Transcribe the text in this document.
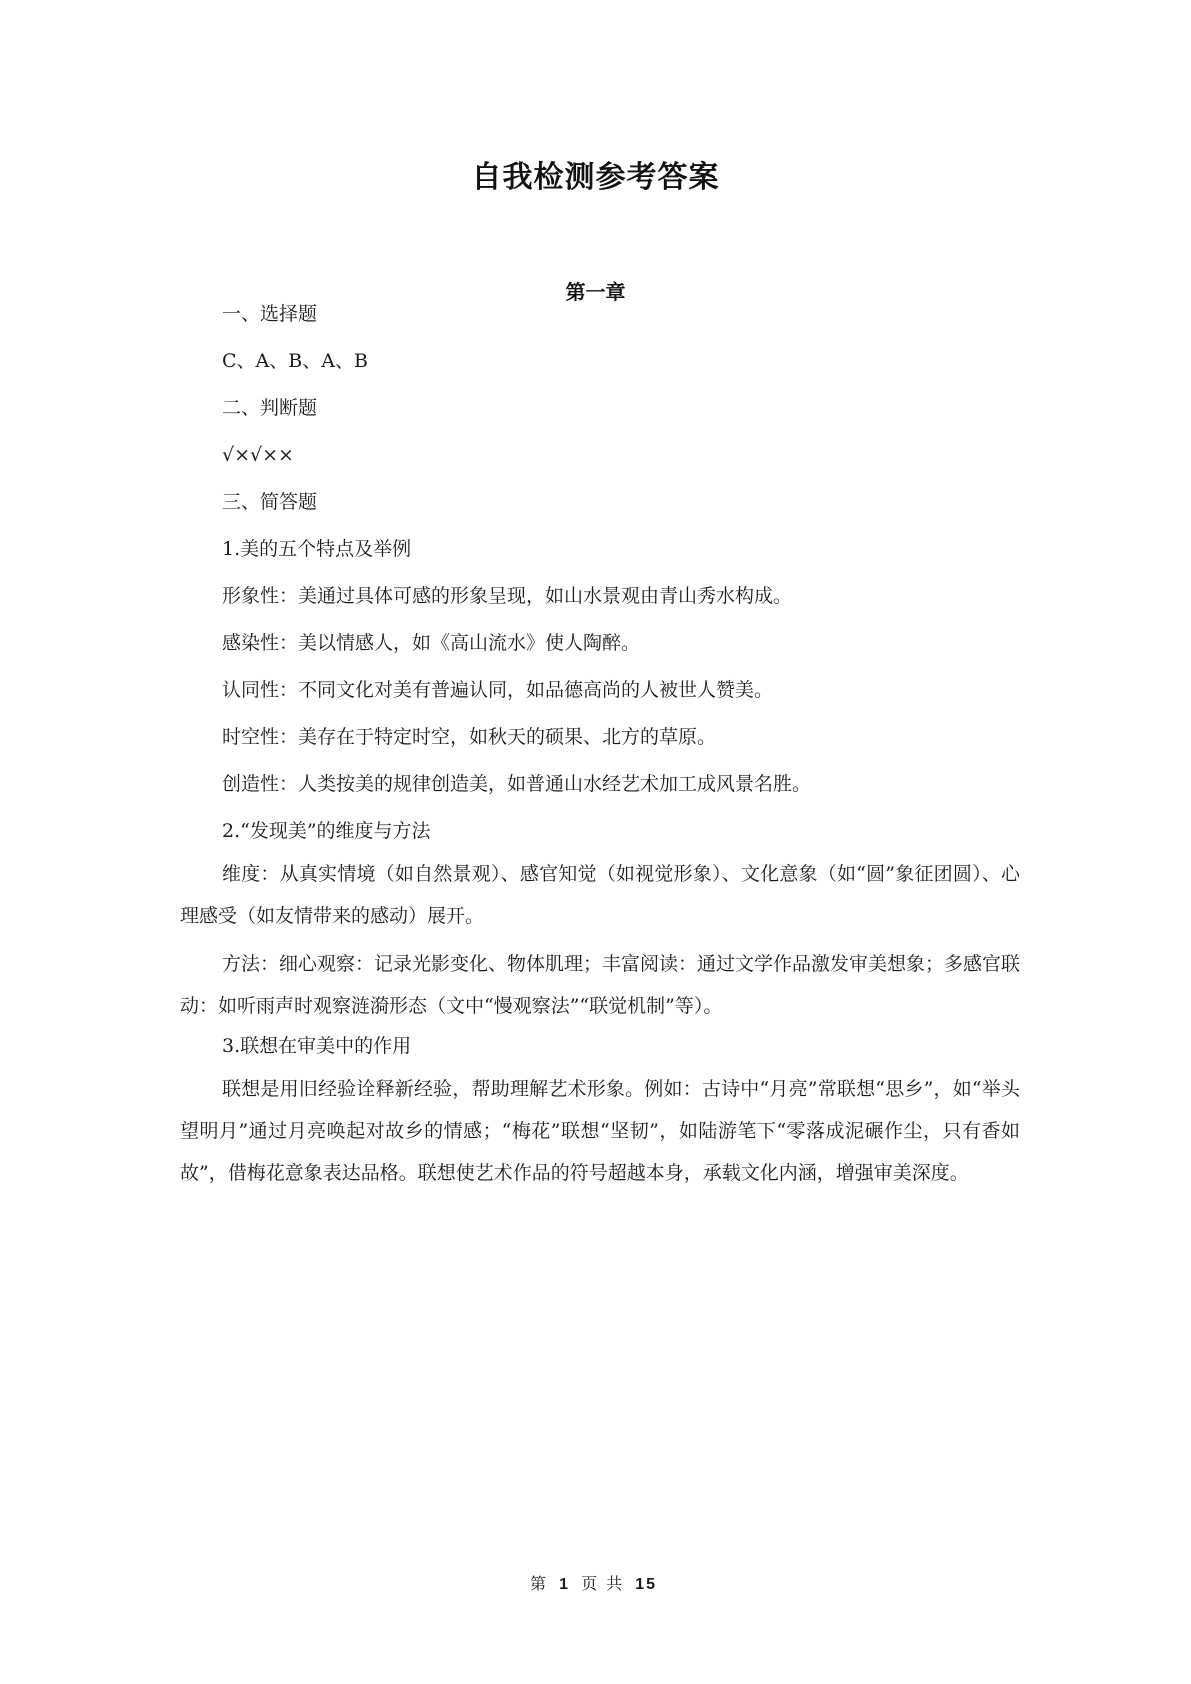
自我检测参考答案
第一章
一、选择题
C、A、B、A、B
二、判断题
√×√××
三、简答题
1.美的五个特点及举例
形象性：美通过具体可感的形象呈现，如山水景观由青山秀水构成。
感染性：美以情感人，如《高山流水》使人陶醉。
认同性：不同文化对美有普遍认同，如品德高尚的人被世人赞美。
时空性：美存在于特定时空，如秋天的硕果、北方的草原。
创造性：人类按美的规律创造美，如普通山水经艺术加工成风景名胜。
2.“发现美”的维度与方法
维度：从真实情境（如自然景观）、感官知觉（如视觉形象）、文化意象（如“圆”象征团圆）、心理感受（如友情带来的感动）展开。
方法：细心观察：记录光影变化、物体肌理；丰富阅读：通过文学作品激发审美想象；多感官联动：如听雨声时观察涟漪形态（文中“慢观察法”“联觉机制”等）。
3.联想在审美中的作用
联想是用旧经验诠释新经验，帮助理解艺术形象。例如：古诗中“月亮”常联想“思乡”，如“举头望明月”通过月亮唤起对故乡的情感；“梅花”联想“坚韧”，如陆游笔下“零落成泥碾作尘，只有香如故”，借梅花意象表达品格。联想使艺术作品的符号超越本身，承载文化内涵，增强审美深度。
第 1 页 共 15
